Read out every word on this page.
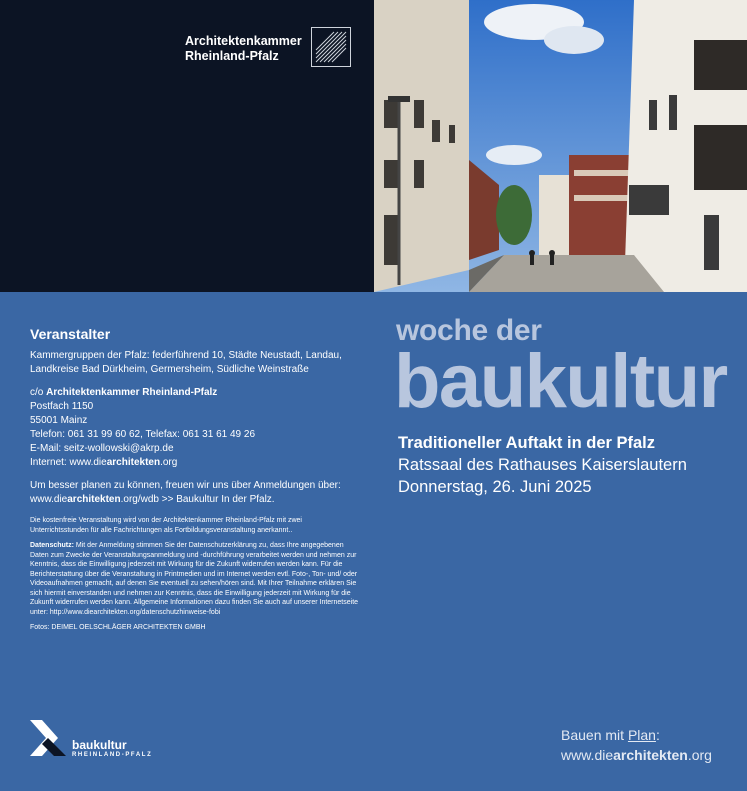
Architektenkammer
Rheinland-Pfalz
Veranstalter
Kammergruppen der Pfalz: federführend 10, Städte Neustadt, Landau, Landkreise Bad Dürkheim, Germersheim, Südliche Weinstraße
c/o Architektenkammer Rheinland-Pfalz
Postfach 1150
55001 Mainz
Telefon: 061 31 99 60 62, Telefax: 061 31 61 49 26
E-Mail: seitz-wollowski@akrp.de
Internet: www.diearchitekten.org
Um besser planen zu können, freuen wir uns über Anmeldungen über:
www.diearchitekten.org/wdb >> Baukultur In der Pfalz.
Die kostenfreie Veranstaltung wird von der Architektenkammer Rheinland-Pfalz mit zwei Unterrichtsstunden für alle Fachrichtungen als Fortbildungsveranstaltung anerkannt..
Datenschutz: Mit der Anmeldung stimmen Sie der Datenschutzerklärung zu, dass Ihre angegebenen Daten zum Zwecke der Veranstaltungsanmeldung und -durchführung verarbeitet werden und nehmen zur Kenntnis, dass die Einwilligung jederzeit mit Wirkung für die Zukunft widerrufen werden kann. Für die Berichterstattung über die Veranstaltung in Printmedien und im Internet werden evtl. Foto-, Ton- und/ oder Videoaufnahmen gemacht, auf denen Sie eventuell zu sehen/hören sind. Mit Ihrer Teilnahme erklären Sie sich hiermit einverstanden und nehmen zur Kenntnis, dass die Einwilligung jederzeit mit Wirkung für die Zukunft widerrufen werden kann. Allgemeine Informationen dazu finden Sie auch auf unserer Internetseite unter: http://www.diearchitekten.org/datenschutzhinweise-fobi
Fotos: DEIMEL OELSCHLÄGER ARCHITEKTEN GMBH
woche der
baukultur
Traditioneller Auftakt in der Pfalz
Ratssaal des Rathauses Kaiserslautern
Donnerstag, 26. Juni 2025
baukultur
RHEINLAND-PFALZ
Bauen mit Plan:
www.diearchitekten.org
